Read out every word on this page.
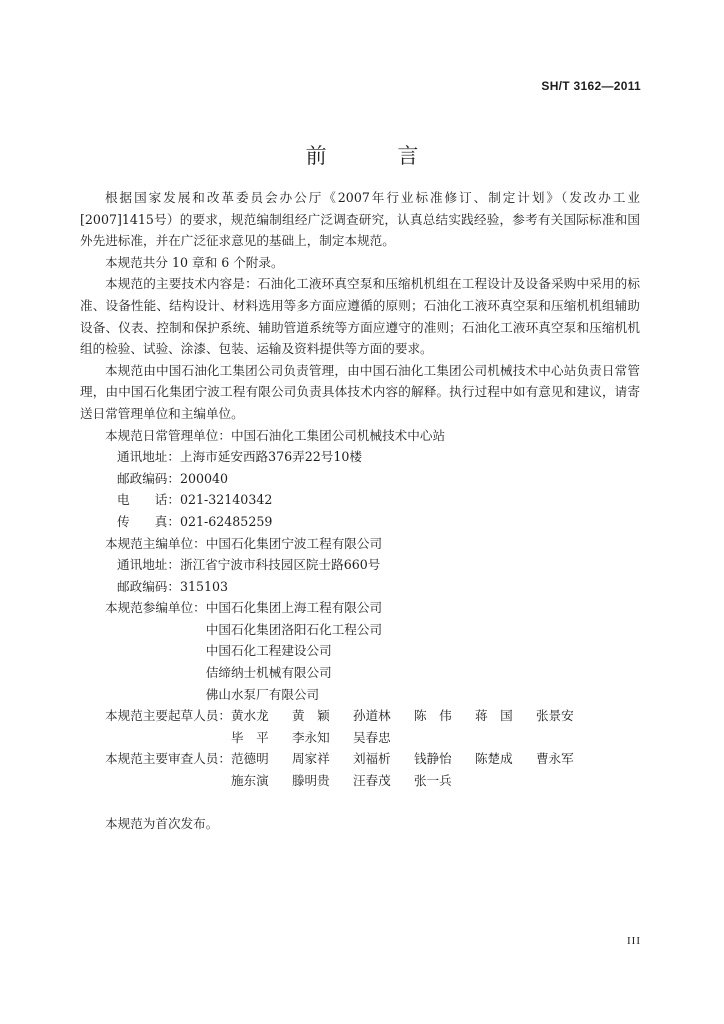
SH/T 3162—2011
前 言

根据国家发展和改革委员会办公厅《2007年行业标准修订、制定计划》（发改办工业[2007]1415号）的要求，规范编制组经广泛调查研究，认真总结实践经验，参考有关国际标准和国外先进标准，并在广泛征求意见的基础上，制定本规范。

本规范共分 10 章和 6 个附录。

本规范的主要技术内容是：石油化工液环真空泵和压缩机机组在工程设计及设备采购中采用的标准、设备性能、结构设计、材料选用等多方面应遵循的原则；石油化工液环真空泵和压缩机机组辅助设备、仪表、控制和保护系统、辅助管道系统等方面应遵守的准则；石油化工液环真空泵和压缩机机组的检验、试验、涂漆、包装、运输及资料提供等方面的要求。

本规范由中国石油化工集团公司负责管理，由中国石油化工集团公司机械技术中心站负责日常管理，由中国石化集团宁波工程有限公司负责具体技术内容的解释。执行过程中如有意见和建议，请寄送日常管理单位和主编单位。

本规范日常管理单位： 中国石油化工集团公司机械技术中心站
通讯地址： 上海市延安西路376弄22号10楼
邮政编码： 200040
电　　话： 021-32140342
传　　真： 021-62485259
本规范主编单位： 中国石化集团宁波工程有限公司
通讯地址： 浙江省宁波市科技园区院士路660号
邮政编码： 315103
本规范参编单位： 中国石化集团上海工程有限公司
中国石化集团洛阳石化工程公司
中国石化工程建设公司
佶缔纳士机械有限公司
佛山水泵厂有限公司
本规范主要起草人员： 黄水龙	黄　颖	孙道林	陈　伟	蒋　国	张景安
毕　平	李永知	吴春忠
本规范主要审查人员： 范德明	周家祥	刘福析	钱静怡	陈楚成	曹永军
施东演	滕明贵	汪春茂	张一兵

本规范为首次发布。

III
